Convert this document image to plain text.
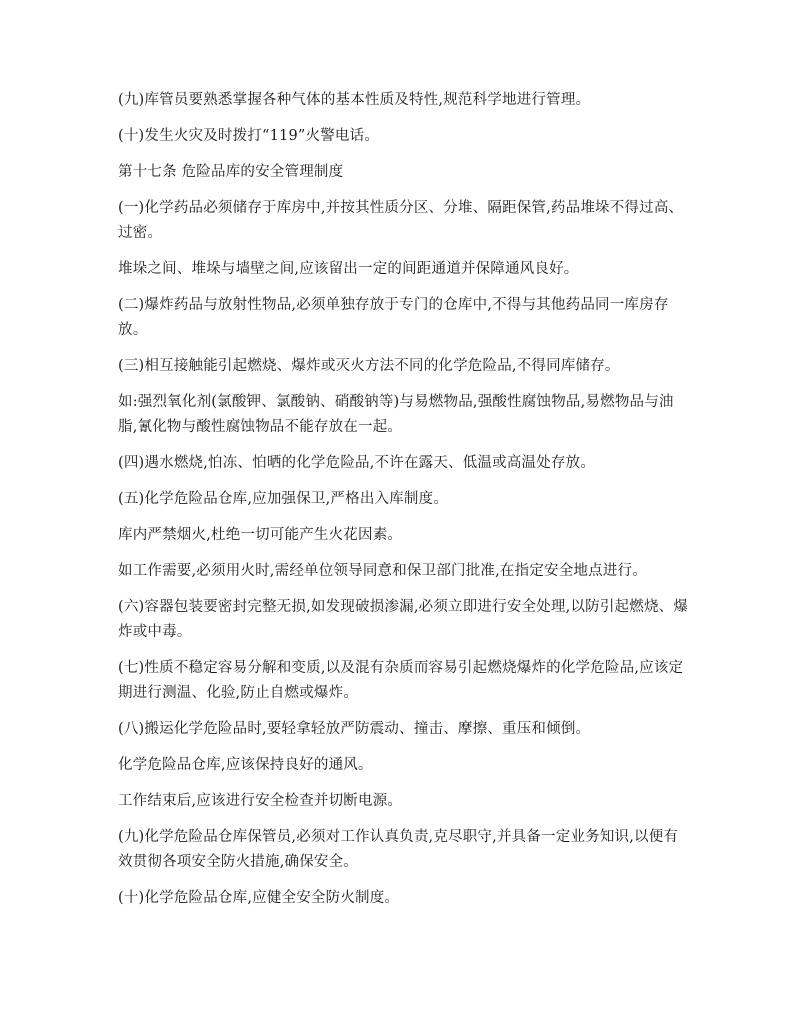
(九)库管员要熟悉掌握各种气体的基本性质及特性,规范科学地进行管理。

(十)发生火灾及时拨打“119”火警电话。

第十七条 危险品库的安全管理制度

(一)化学药品必须储存于库房中,并按其性质分区、分堆、隔距保管,药品堆垛不得过高、过密。

堆垛之间、堆垛与墙壁之间,应该留出一定的间距通道并保障通风良好。

(二)爆炸药品与放射性物品,必须单独存放于专门的仓库中,不得与其他药品同一库房存放。

(三)相互接触能引起燃烧、爆炸或灭火方法不同的化学危险品,不得同库储存。

如:强烈氧化剂(氯酸钾、氯酸钠、硝酸钠等)与易燃物品,强酸性腐蚀物品,易燃物品与油脂,氰化物与酸性腐蚀物品不能存放在一起。

(四)遇水燃烧,怕冻、怕晒的化学危险品,不许在露天、低温或高温处存放。

(五)化学危险品仓库,应加强保卫,严格出入库制度。

库内严禁烟火,杜绝一切可能产生火花因素。

如工作需要,必须用火时,需经单位领导同意和保卫部门批准,在指定安全地点进行。

(六)容器包装要密封完整无损,如发现破损渗漏,必须立即进行安全处理,以防引起燃烧、爆炸或中毒。

(七)性质不稳定容易分解和变质,以及混有杂质而容易引起燃烧爆炸的化学危险品,应该定期进行测温、化验,防止自燃或爆炸。

(八)搬运化学危险品时,要轻拿轻放严防震动、撞击、摩擦、重压和倾倒。

化学危险品仓库,应该保持良好的通风。

工作结束后,应该进行安全检查并切断电源。

(九)化学危险品仓库保管员,必须对工作认真负责,克尽职守,并具备一定业务知识,以便有效贯彻各项安全防火措施,确保安全。

(十)化学危险品仓库,应健全安全防火制度。
